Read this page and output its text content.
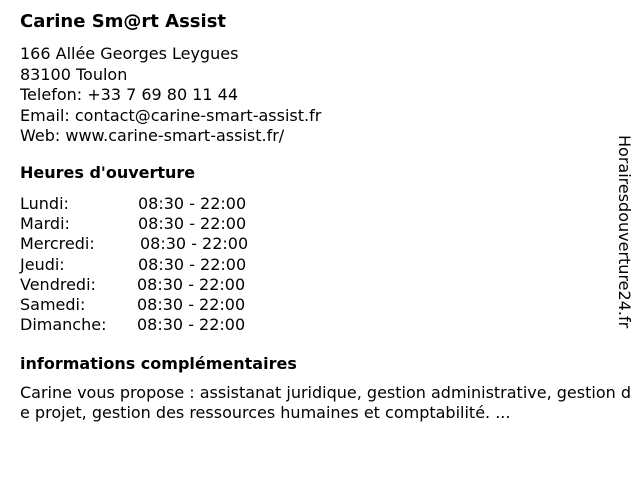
Carine Sm@rt Assist
166 Allée Georges Leygues
83100 Toulon
Telefon: +33 7 69 80 11 44
Email: contact@carine-smart-assist.fr
Web: www.carine-smart-assist.fr/
Heures d'ouverture
Lundi:	08:30 - 22:00
Mardi:	08:30 - 22:00
Mercredi:	08:30 - 22:00
Jeudi:	08:30 - 22:00
Vendredi:	08:30 - 22:00
Samedi:	08:30 - 22:00
Dimanche: 08:30 - 22:00
informations complémentaires
Carine vous propose : assistanat juridique, gestion administrative, gestion de projet, gestion des ressources humaines et comptabilité. ...
Horairesdouverture24.fr
